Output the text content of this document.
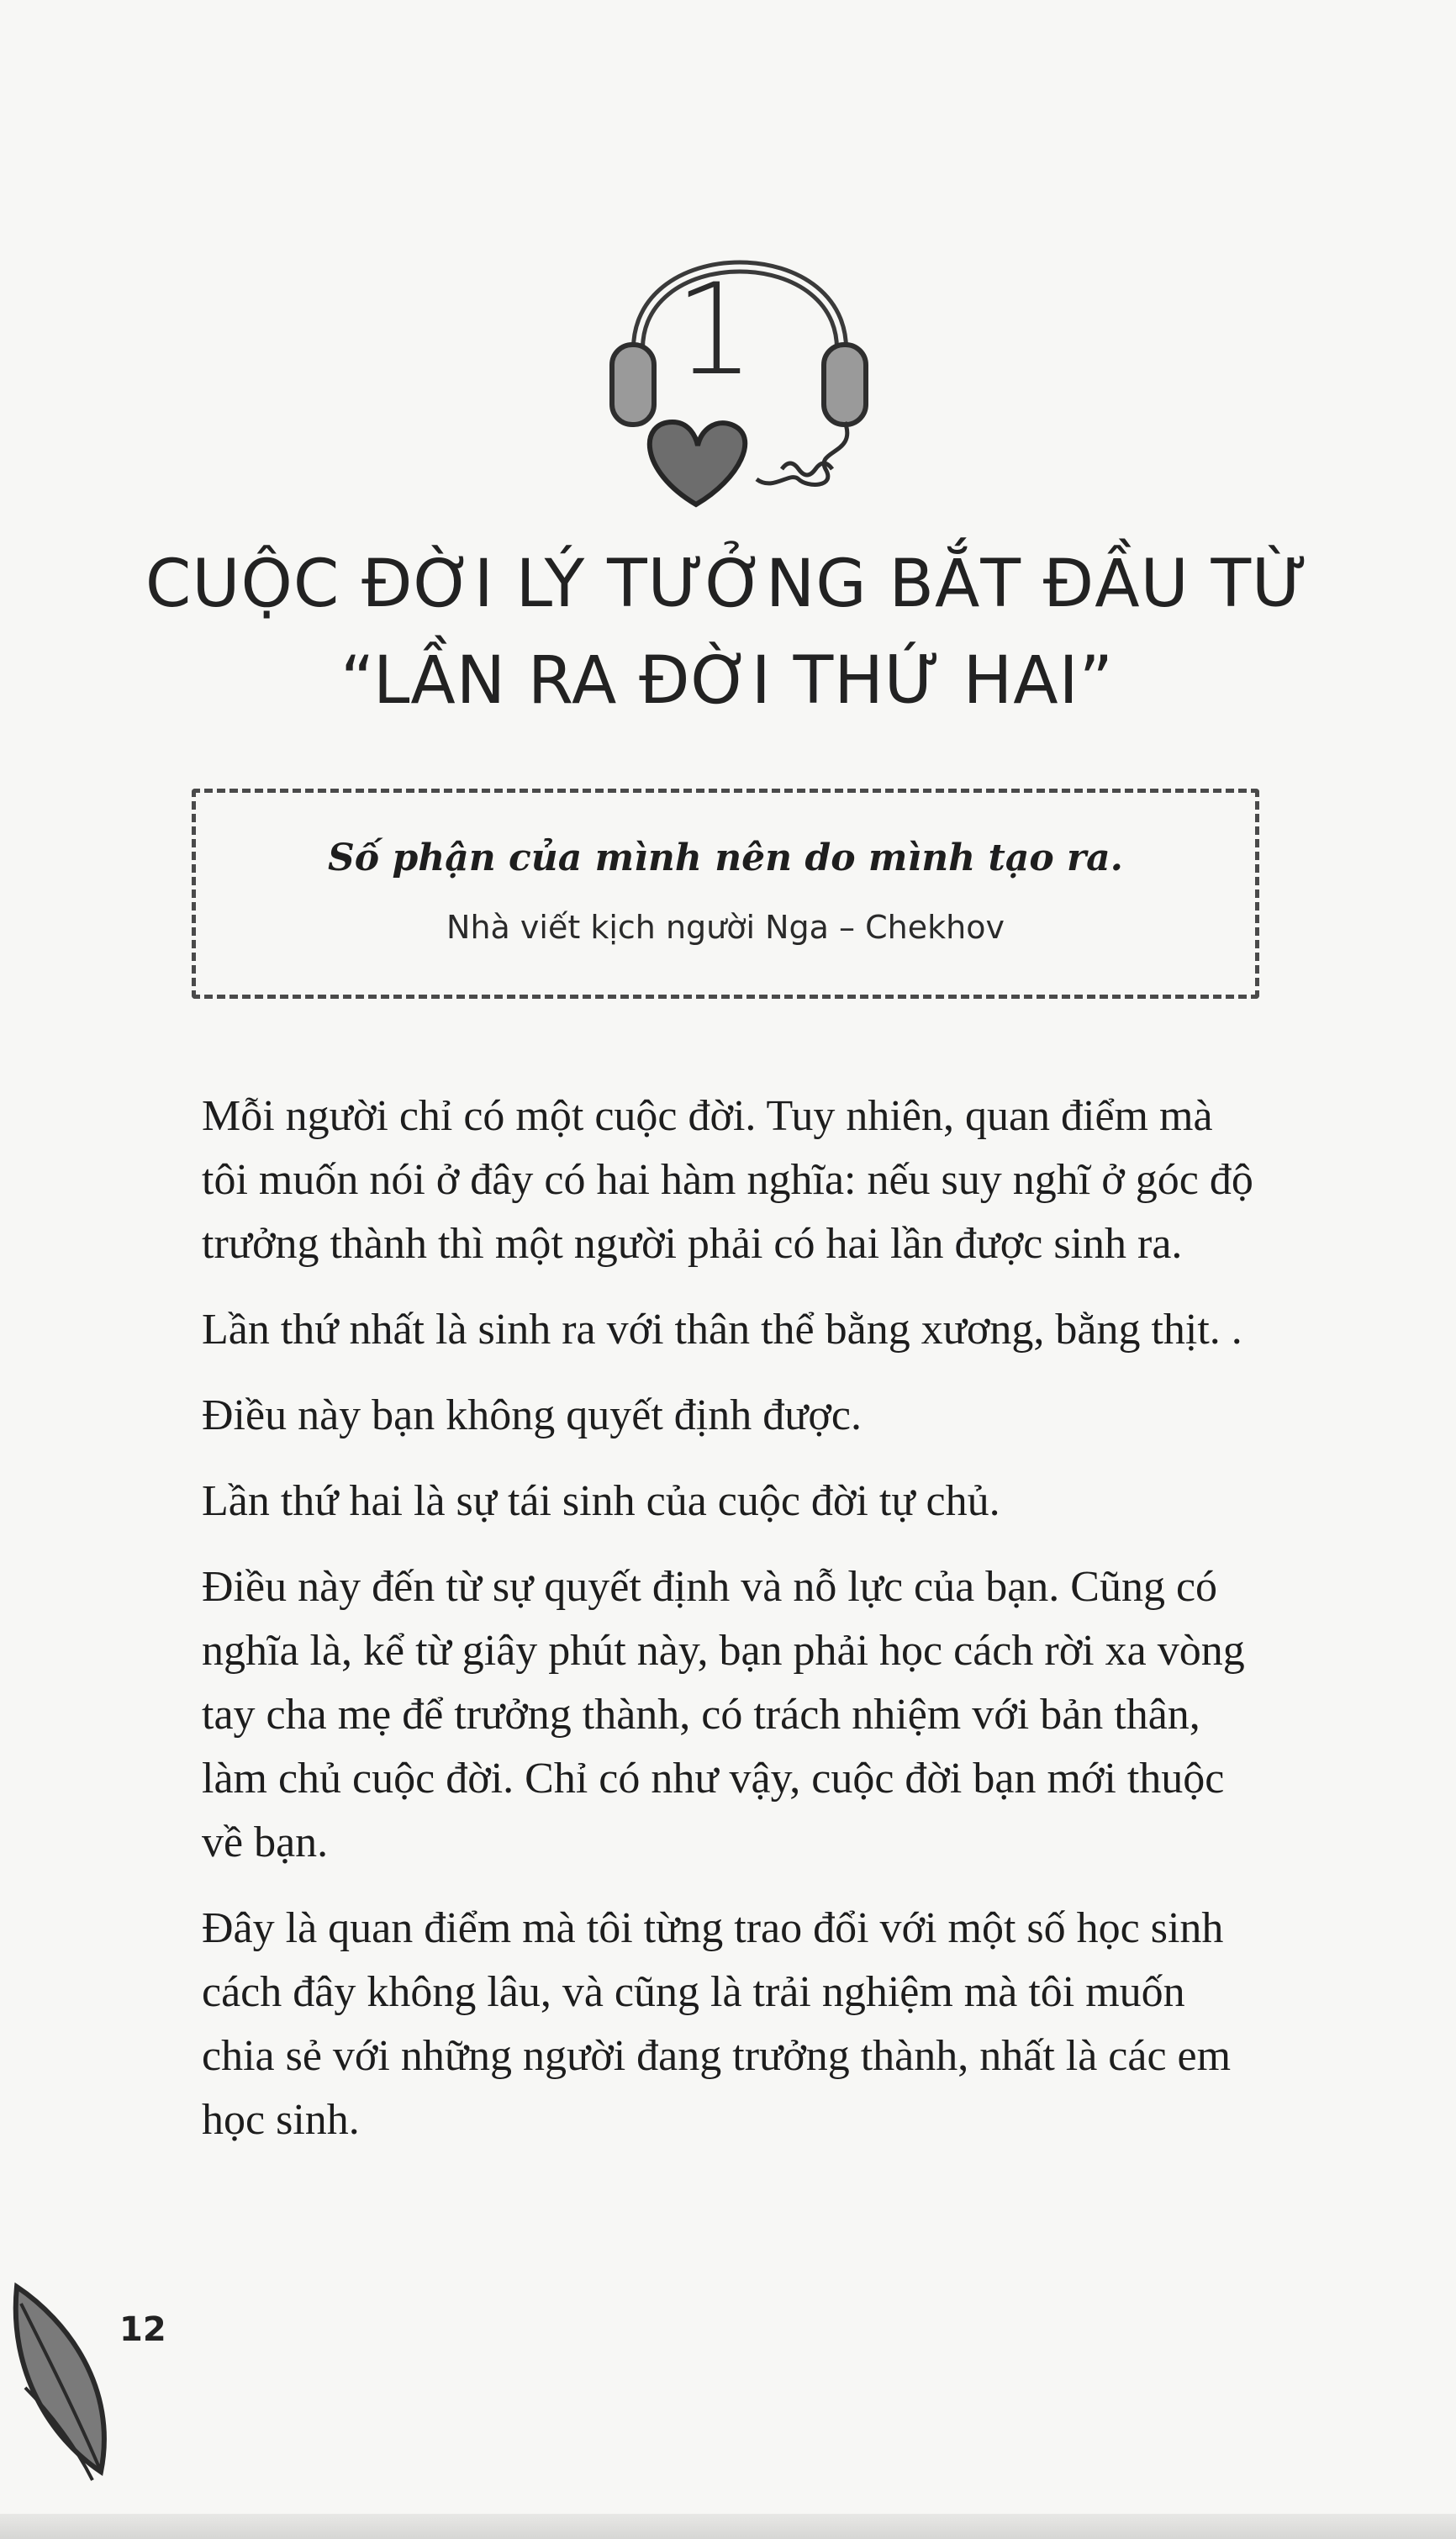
1
CUỘC ĐỜI LÝ TƯỞNG BẮT ĐẦU TỪ
“LẦN RA ĐỜI THỨ HAI”
Số phận của mình nên do mình tạo ra.
Nhà viết kịch người Nga – Chekhov

Mỗi người chỉ có một cuộc đời. Tuy nhiên, quan điểm mà tôi muốn nói ở đây có hai hàm nghĩa: nếu suy nghĩ ở góc độ trưởng thành thì một người phải có hai lần được sinh ra.

Lần thứ nhất là sinh ra với thân thể bằng xương, bằng thịt. .

Điều này bạn không quyết định được.

Lần thứ hai là sự tái sinh của cuộc đời tự chủ.

Điều này đến từ sự quyết định và nỗ lực của bạn. Cũng có nghĩa là, kể từ giây phút này, bạn phải học cách rời xa vòng tay cha mẹ để trưởng thành, có trách nhiệm với bản thân, làm chủ cuộc đời. Chỉ có như vậy, cuộc đời bạn mới thuộc về bạn.

Đây là quan điểm mà tôi từng trao đổi với một số học sinh cách đây không lâu, và cũng là trải nghiệm mà tôi muốn chia sẻ với những người đang trưởng thành, nhất là các em học sinh.

12
